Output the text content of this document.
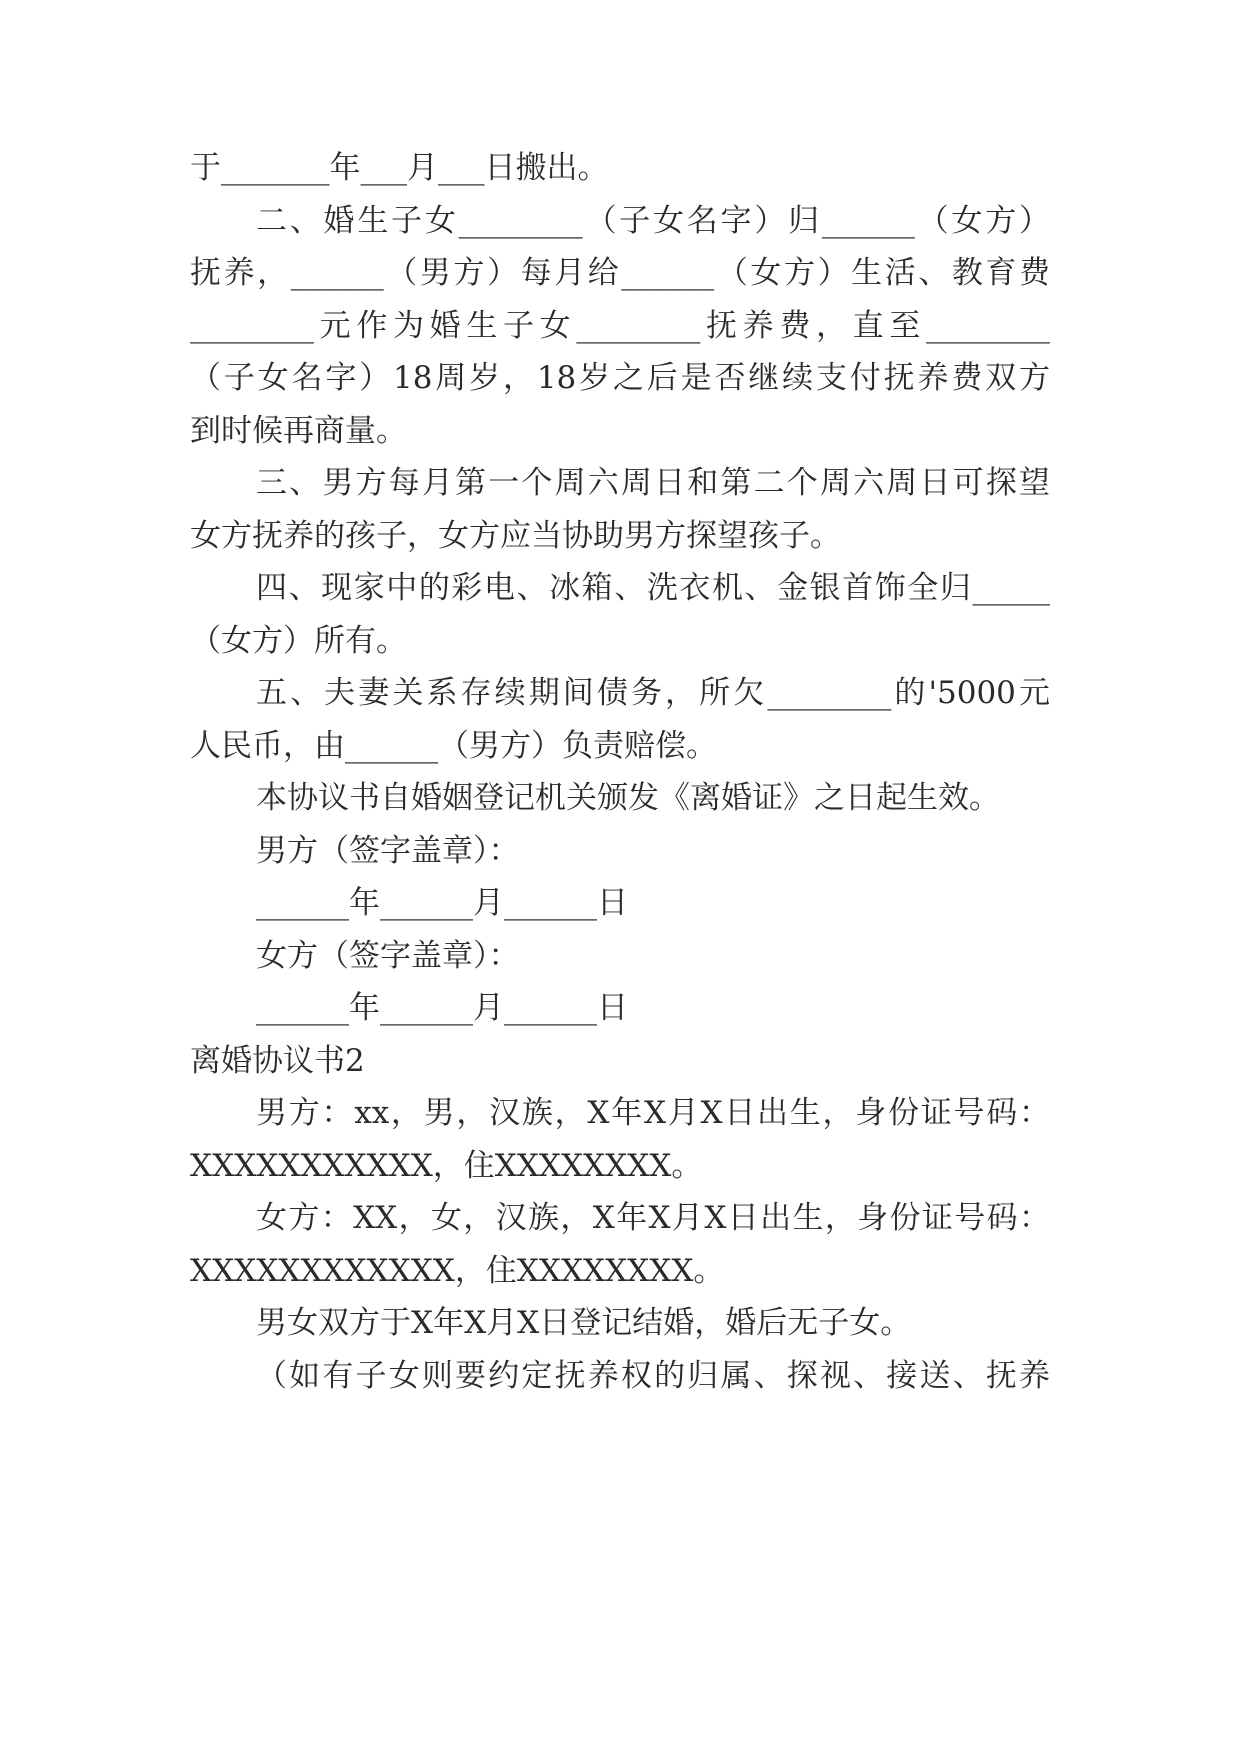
于_______年___月___日搬出。
二、婚生子女________（子女名字）归______（女方）
抚养，______（男方）每月给______（女方）生活、教育费
________元作为婚生子女________抚养费，直至________
（子女名字）18周岁，18岁之后是否继续支付抚养费双方
到时候再商量。
三、男方每月第一个周六周日和第二个周六周日可探望
女方抚养的孩子，女方应当协助男方探望孩子。
四、现家中的彩电、冰箱、洗衣机、金银首饰全归_____
（女方）所有。
五、夫妻关系存续期间债务，所欠________的'5000元
人民币，由______（男方）负责赔偿。
本协议书自婚姻登记机关颁发《离婚证》之日起生效。
男方（签字盖章）：
______年______月______日
女方（签字盖章）：
______年______月______日
离婚协议书2
男方：xx，男，汉族，X年X月X日出生，身份证号码：
XXXXXXXXXXX，住XXXXXXXX。
女方：XX，女，汉族，X年X月X日出生，身份证号码：
XXXXXXXXXXXX，住XXXXXXXX。
男女双方于X年X月X日登记结婚，婚后无子女。
（如有子女则要约定抚养权的归属、探视、接送、抚养
